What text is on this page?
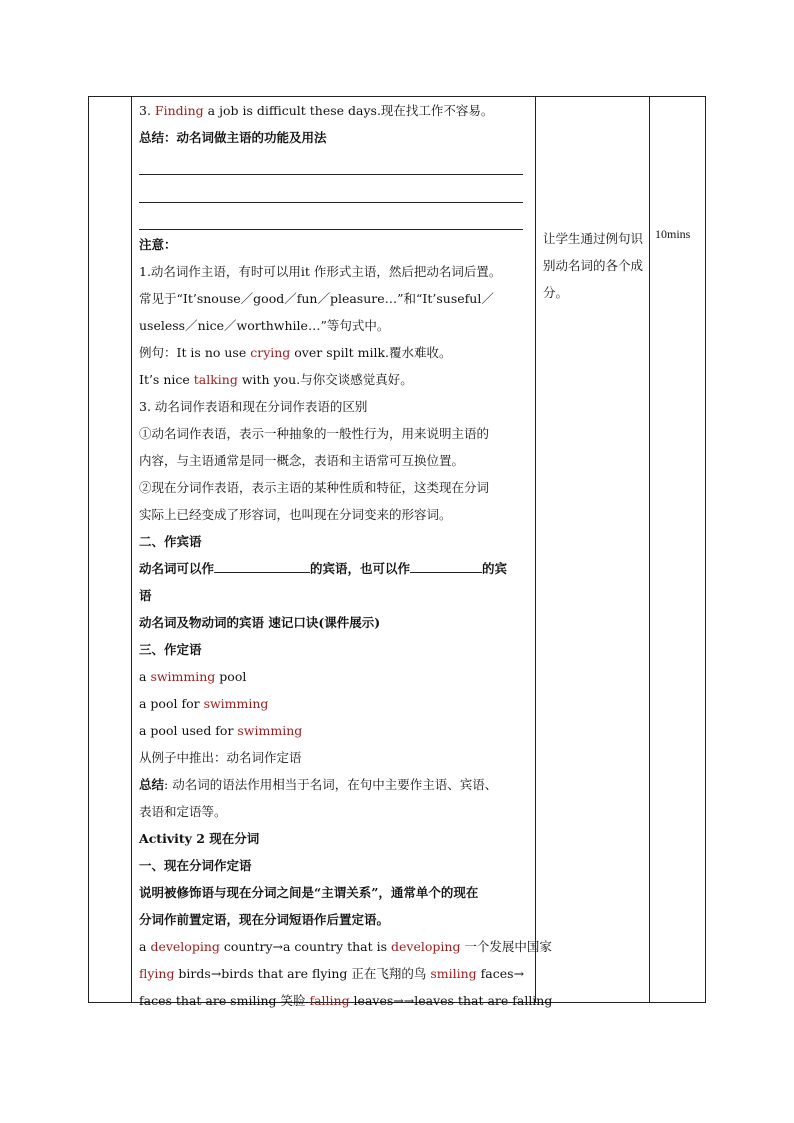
3. Finding a job is difficult these days.现在找工作不容易。
总结：动名词做主语的功能及用法
注意：
1.动名词作主语，有时可以用it 作形式主语，然后把动名词后置。
常见于“It’snouse／good／fun／pleasure…”和“It’suseful／
useless／nice／worthwhile…”等句式中。
例句：It is no use crying over spilt milk.覆水难收。
It’s nice talking with you.与你交谈感觉真好。
3. 动名词作表语和现在分词作表语的区别
①动名词作表语，表示一种抽象的一般性行为，用来说明主语的
内容，与主语通常是同一概念，表语和主语常可互换位置。
②现在分词作表语，表示主语的某种性质和特征，这类现在分词
实际上已经变成了形容词，也叫现在分词变来的形容词。
二、作宾语
动名词可以作	的宾语，也可以作	的宾
语
动名词及物动词的宾语 速记口诀(课件展示)
三、作定语
a swimming pool
a pool for swimming
a pool used for swimming
从例子中推出：动名词作定语
总结: 动名词的语法作用相当于名词，在句中主要作主语、宾语、
表语和定语等。
Activity 2 现在分词
一、现在分词作定语
说明被修饰语与现在分词之间是“主谓关系”，通常单个的现在
分词作前置定语，现在分词短语作后置定语。
a developing country→a country that is developing 一个发展中国家
flying birds→birds that are flying 正在飞翔的鸟 smiling faces→
faces that are smiling 笑脸 falling leaves→→leaves that are falling
让学生通过例句识别动名词的各个成分。
10mins
